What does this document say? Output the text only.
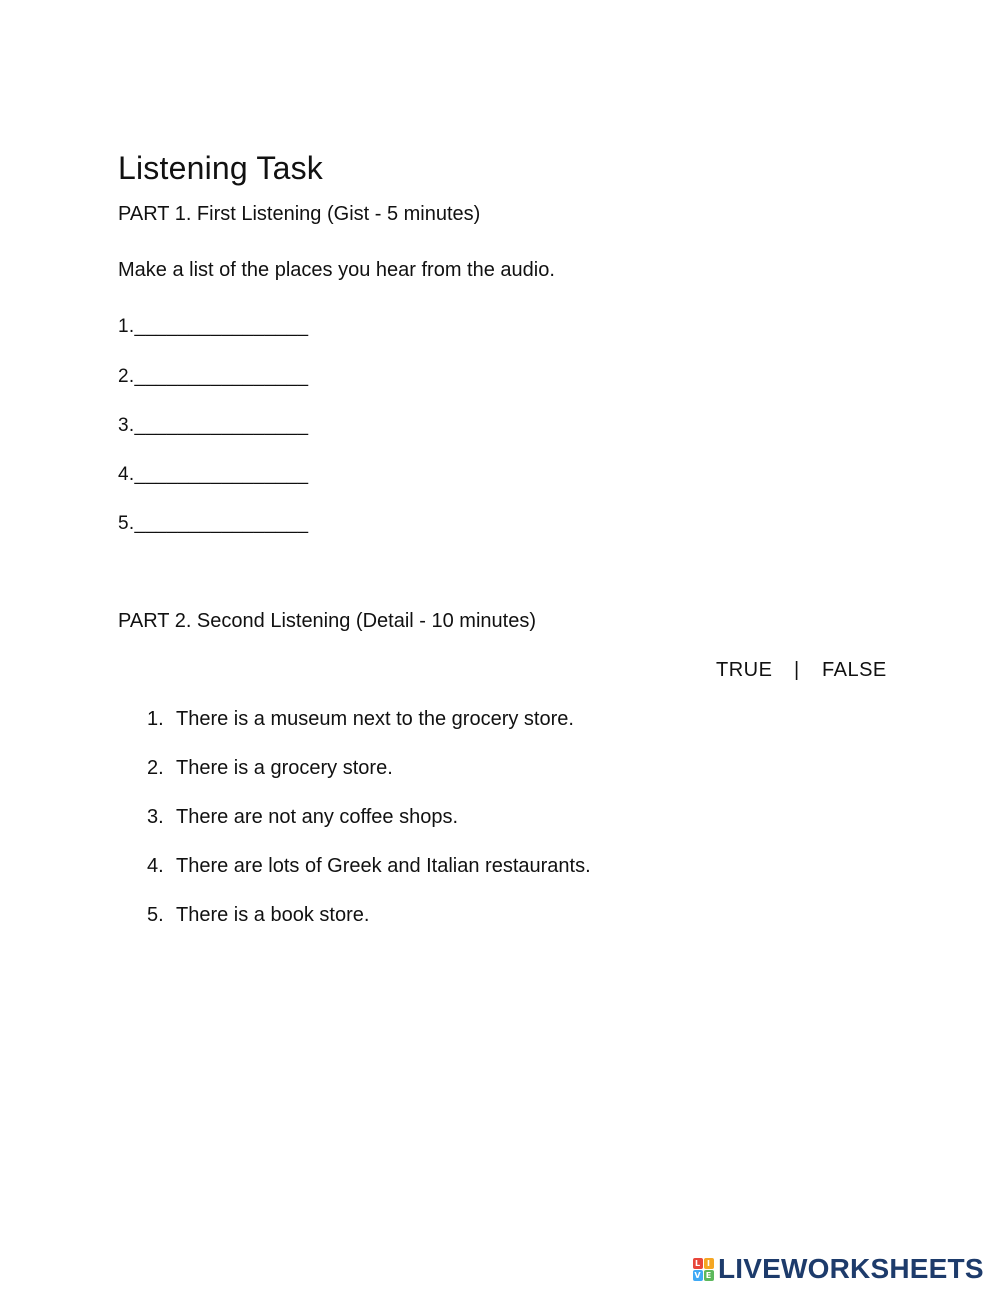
Listening Task
PART 1. First Listening (Gist - 5 minutes)
Make a list of the places you hear from the audio.
1.________________
2.________________
3.________________
4.________________
5.________________
PART 2. Second Listening (Detail - 10 minutes)
TRUE | FALSE
1. There is a museum next to the grocery store.
2. There is a grocery store.
3. There are not any coffee shops.
4. There are lots of Greek and Italian restaurants.
5. There is a book store.
L I
V E LIVEWORKSHEETS
